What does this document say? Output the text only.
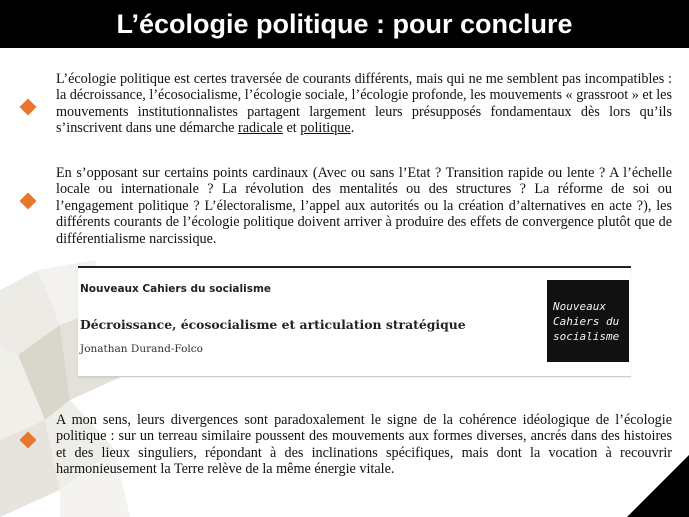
L’écologie politique : pour conclure

L’écologie politique est certes traversée de courants différents, mais qui ne me semblent pas incompatibles : la décroissance, l’écosocialisme, l’écologie sociale, l’écologie profonde, les mouvements « grassroot » et les mouvements institutionnalistes partagent largement leurs présupposés fondamentaux dès lors qu’ils s’inscrivent dans une démarche radicale et politique.

En s’opposant sur certains points cardinaux (Avec ou sans l’Etat ? Transition rapide ou lente ? A l’échelle locale ou internationale ? La révolution des mentalités ou des structures ? La réforme de soi ou l’engagement politique ? L’électoralisme, l’appel aux autorités ou la création d’alternatives en acte ?), les différents courants de l’écologie politique doivent arriver à produire des effets de convergence plutôt que de différentialisme narcissique.

Nouveaux Cahiers du socialisme
Décroissance, écosocialisme et articulation stratégique
Jonathan Durand-Folco
Nouveaux
Cahiers du
socialisme

A mon sens, leurs divergences sont paradoxalement le signe de la cohérence idéologique de l’écologie politique : sur un terreau similaire poussent des mouvements aux formes diverses, ancrés dans des histoires et des lieux singuliers, répondant à des inclinations spécifiques, mais dont la vocation à recouvrir harmonieusement la Terre relève de la même énergie vitale.
